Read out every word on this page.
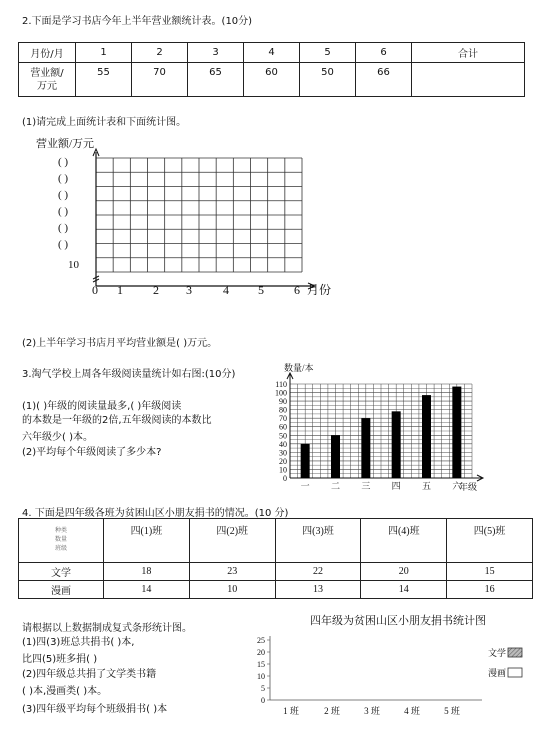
2.下面是学习书店今年上半年营业额统计表。(10分)
月份/月	1	2	3	4	5	6	合计
营业额/
万元	55	70	65	60	50	66	
(1)请完成上面统计表和下面统计图。
营业额/万元
( )
( )
( )
( )
( )
( )
10
0 1	2 3	4 5	6 月份
(2)上半年学习书店月平均营业额是( )万元。
3.淘气学校上周各年级阅读量统计如右图:(10分)
(1)( )年级的阅读量最多,( )年级阅读
的本数是一年级的2倍,五年级阅读的本数比
六年级少( )本。
(2)平均每个年级阅读了多少本?
数量/本
0
10
20
30
40
50
60
70
80
90
100
110
一 二 三 四 五 六
年级
4. 下面是四年级各班为贫困山区小朋友捐书的情况。(10 分)
种类
数量
班级	四(1)班	四(2)班	四(3)班	四(4)班	四(5)班
文学	18	23	22	20	15
漫画	14	10	13	14	16
请根据以上数据制成复式条形统计图。
(1)四(3)班总共捐书( )本,
比四(5)班多捐( )
(2)四年级总共捐了文学类书籍
( )本,漫画类( )本。
(3)四年级平均每个班级捐书( )本
四年级为贫困山区小朋友捐书统计图
0
5
10
15
20
25
1 班	2 班	3 班	4 班	5 班
文学
漫画
